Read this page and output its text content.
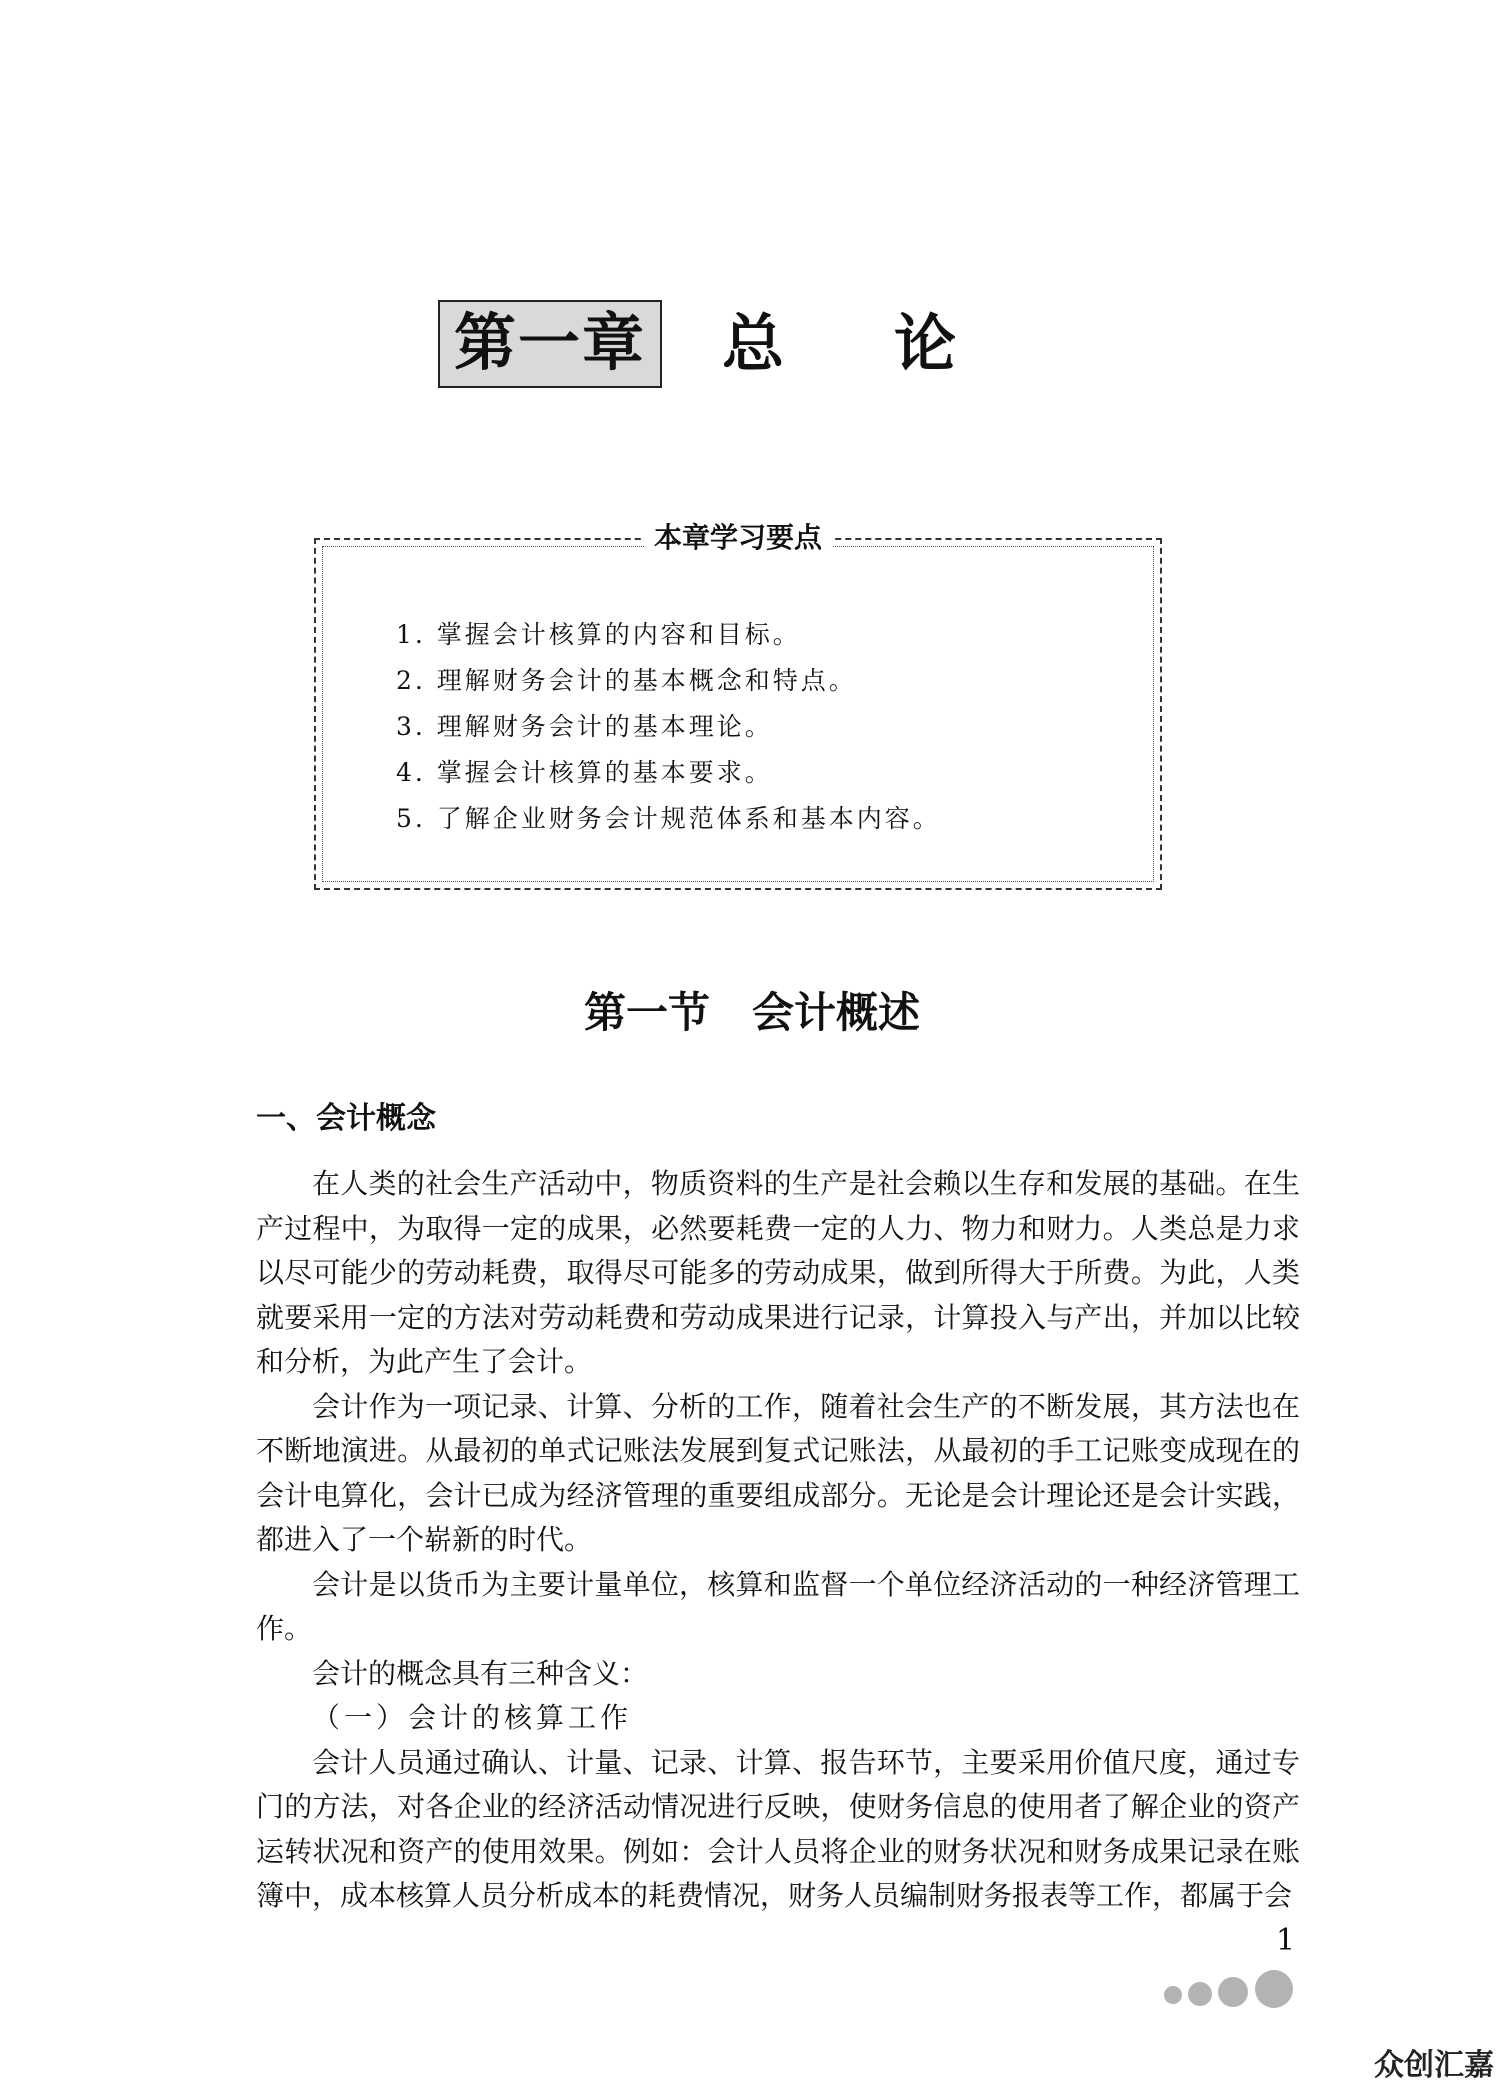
第一章 总论
本章学习要点
1. 掌握会计核算的内容和目标。
2. 理解财务会计的基本概念和特点。
3. 理解财务会计的基本理论。
4. 掌握会计核算的基本要求。
5. 了解企业财务会计规范体系和基本内容。
第一节　会计概述
一、会计概念

在人类的社会生产活动中，物质资料的生产是社会赖以生存和发展的基础。在生产过程中，为取得一定的成果，必然要耗费一定的人力、物力和财力。人类总是力求以尽可能少的劳动耗费，取得尽可能多的劳动成果，做到所得大于所费。为此，人类就要采用一定的方法对劳动耗费和劳动成果进行记录，计算投入与产出，并加以比较和分析，为此产生了会计。

会计作为一项记录、计算、分析的工作，随着社会生产的不断发展，其方法也在不断地演进。从最初的单式记账法发展到复式记账法，从最初的手工记账变成现在的会计电算化，会计已成为经济管理的重要组成部分。无论是会计理论还是会计实践，都进入了一个崭新的时代。

会计是以货币为主要计量单位，核算和监督一个单位经济活动的一种经济管理工作。

会计的概念具有三种含义：

（一）会计的核算工作

会计人员通过确认、计量、记录、计算、报告环节，主要采用价值尺度，通过专门的方法，对各企业的经济活动情况进行反映，使财务信息的使用者了解企业的资产运转状况和资产的使用效果。例如：会计人员将企业的财务状况和财务成果记录在账簿中，成本核算人员分析成本的耗费情况，财务人员编制财务报表等工作，都属于会

1
众创汇嘉
